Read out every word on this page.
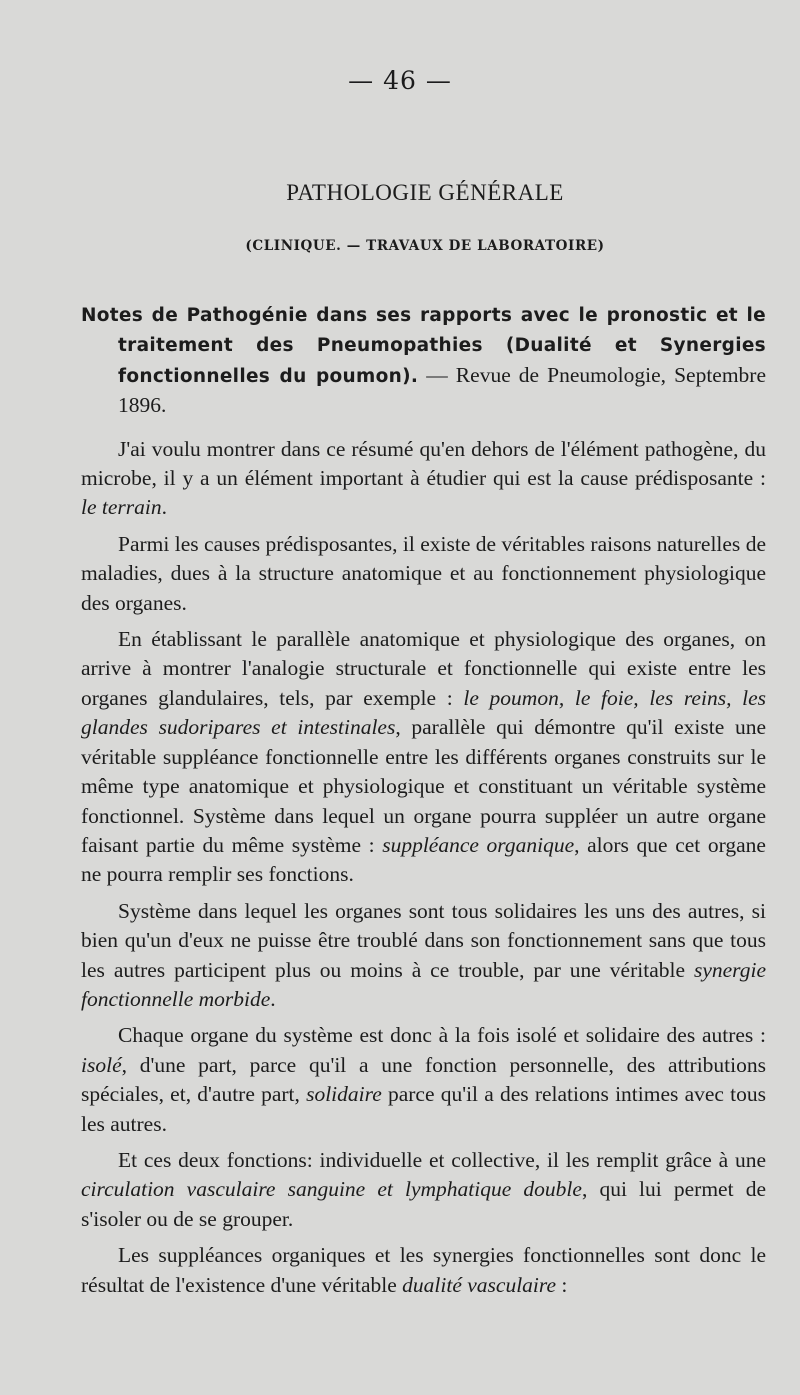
— 46 —
PATHOLOGIE GÉNÉRALE
(CLINIQUE. — TRAVAUX DE LABORATOIRE)

Notes de Pathogénie dans ses rapports avec le pronostic et le traitement des Pneumopathies (Dualité et Synergies fonctionnelles du poumon). — Revue de Pneumologie, Septembre 1896.

J'ai voulu montrer dans ce résumé qu'en dehors de l'élément pathogène, du microbe, il y a un élément important à étudier qui est la cause prédisposante : le terrain.

Parmi les causes prédisposantes, il existe de véritables raisons naturelles de maladies, dues à la structure anatomique et au fonctionnement physiologique des organes.

En établissant le parallèle anatomique et physiologique des organes, on arrive à montrer l'analogie structurale et fonctionnelle qui existe entre les organes glandulaires, tels, par exemple : le poumon, le foie, les reins, les glandes sudoripares et intestinales, parallèle qui démontre qu'il existe une véritable suppléance fonctionnelle entre les différents organes construits sur le même type anatomique et physiologique et constituant un véritable système fonctionnel. Système dans lequel un organe pourra suppléer un autre organe faisant partie du même système : suppléance organique, alors que cet organe ne pourra remplir ses fonctions.

Système dans lequel les organes sont tous solidaires les uns des autres, si bien qu'un d'eux ne puisse être troublé dans son fonctionnement sans que tous les autres participent plus ou moins à ce trouble, par une véritable synergie fonctionnelle morbide.

Chaque organe du système est donc à la fois isolé et solidaire des autres : isolé, d'une part, parce qu'il a une fonction personnelle, des attributions spéciales, et, d'autre part, solidaire parce qu'il a des relations intimes avec tous les autres.

Et ces deux fonctions: individuelle et collective, il les remplit grâce à une circulation vasculaire sanguine et lymphatique double, qui lui permet de s'isoler ou de se grouper.

Les suppléances organiques et les synergies fonctionnelles sont donc le résultat de l'existence d'une véritable dualité vasculaire :
